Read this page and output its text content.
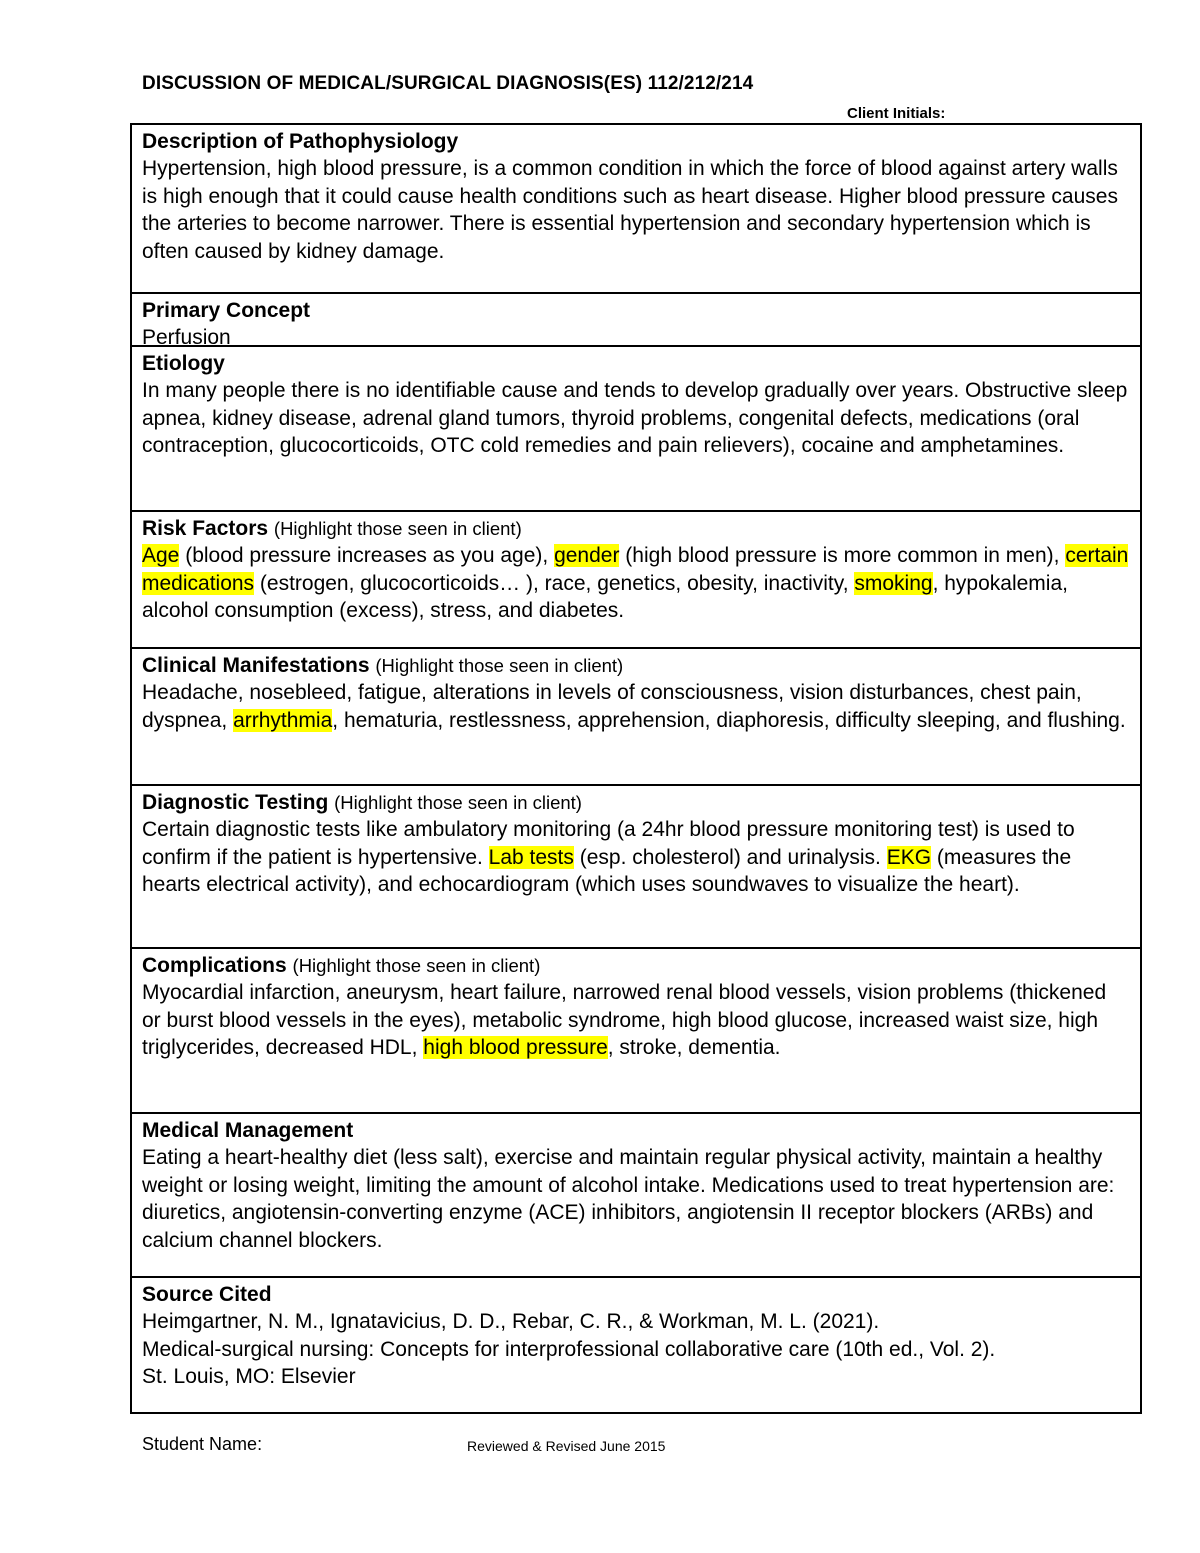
DISCUSSION OF MEDICAL/SURGICAL DIAGNOSIS(ES) 112/212/214
Client Initials:
Description of Pathophysiology
Hypertension, high blood pressure, is a common condition in which the force of blood against artery walls is high enough that it could cause health conditions such as heart disease. Higher blood pressure causes the arteries to become narrower. There is essential hypertension and secondary hypertension which is often caused by kidney damage.
Primary Concept
Perfusion
Etiology
In many people there is no identifiable cause and tends to develop gradually over years. Obstructive sleep apnea, kidney disease, adrenal gland tumors, thyroid problems, congenital defects, medications (oral contraception, glucocorticoids, OTC cold remedies and pain relievers), cocaine and amphetamines.
Risk Factors (Highlight those seen in client)
Age (blood pressure increases as you age), gender (high blood pressure is more common in men), certain medications (estrogen, glucocorticoids… ), race, genetics, obesity, inactivity, smoking, hypokalemia, alcohol consumption (excess), stress, and diabetes.
Clinical Manifestations (Highlight those seen in client)
Headache, nosebleed, fatigue, alterations in levels of consciousness, vision disturbances, chest pain, dyspnea, arrhythmia, hematuria, restlessness, apprehension, diaphoresis, difficulty sleeping, and flushing.
Diagnostic Testing (Highlight those seen in client)
Certain diagnostic tests like ambulatory monitoring (a 24hr blood pressure monitoring test) is used to confirm if the patient is hypertensive. Lab tests (esp. cholesterol) and urinalysis. EKG (measures the hearts electrical activity), and echocardiogram (which uses soundwaves to visualize the heart).
Complications (Highlight those seen in client)
Myocardial infarction, aneurysm, heart failure, narrowed renal blood vessels, vision problems (thickened or burst blood vessels in the eyes), metabolic syndrome, high blood glucose, increased waist size, high triglycerides, decreased HDL, high blood pressure, stroke, dementia.
Medical Management
Eating a heart-healthy diet (less salt), exercise and maintain regular physical activity, maintain a healthy weight or losing weight, limiting the amount of alcohol intake. Medications used to treat hypertension are: diuretics, angiotensin-converting enzyme (ACE) inhibitors, angiotensin II receptor blockers (ARBs) and calcium channel blockers.
Source Cited
Heimgartner, N. M., Ignatavicius, D. D., Rebar, C. R., & Workman, M. L. (2021).
Medical-surgical nursing: Concepts for interprofessional collaborative care (10th ed., Vol. 2).
St. Louis, MO: Elsevier
Student Name:	Reviewed & Revised June 2015
